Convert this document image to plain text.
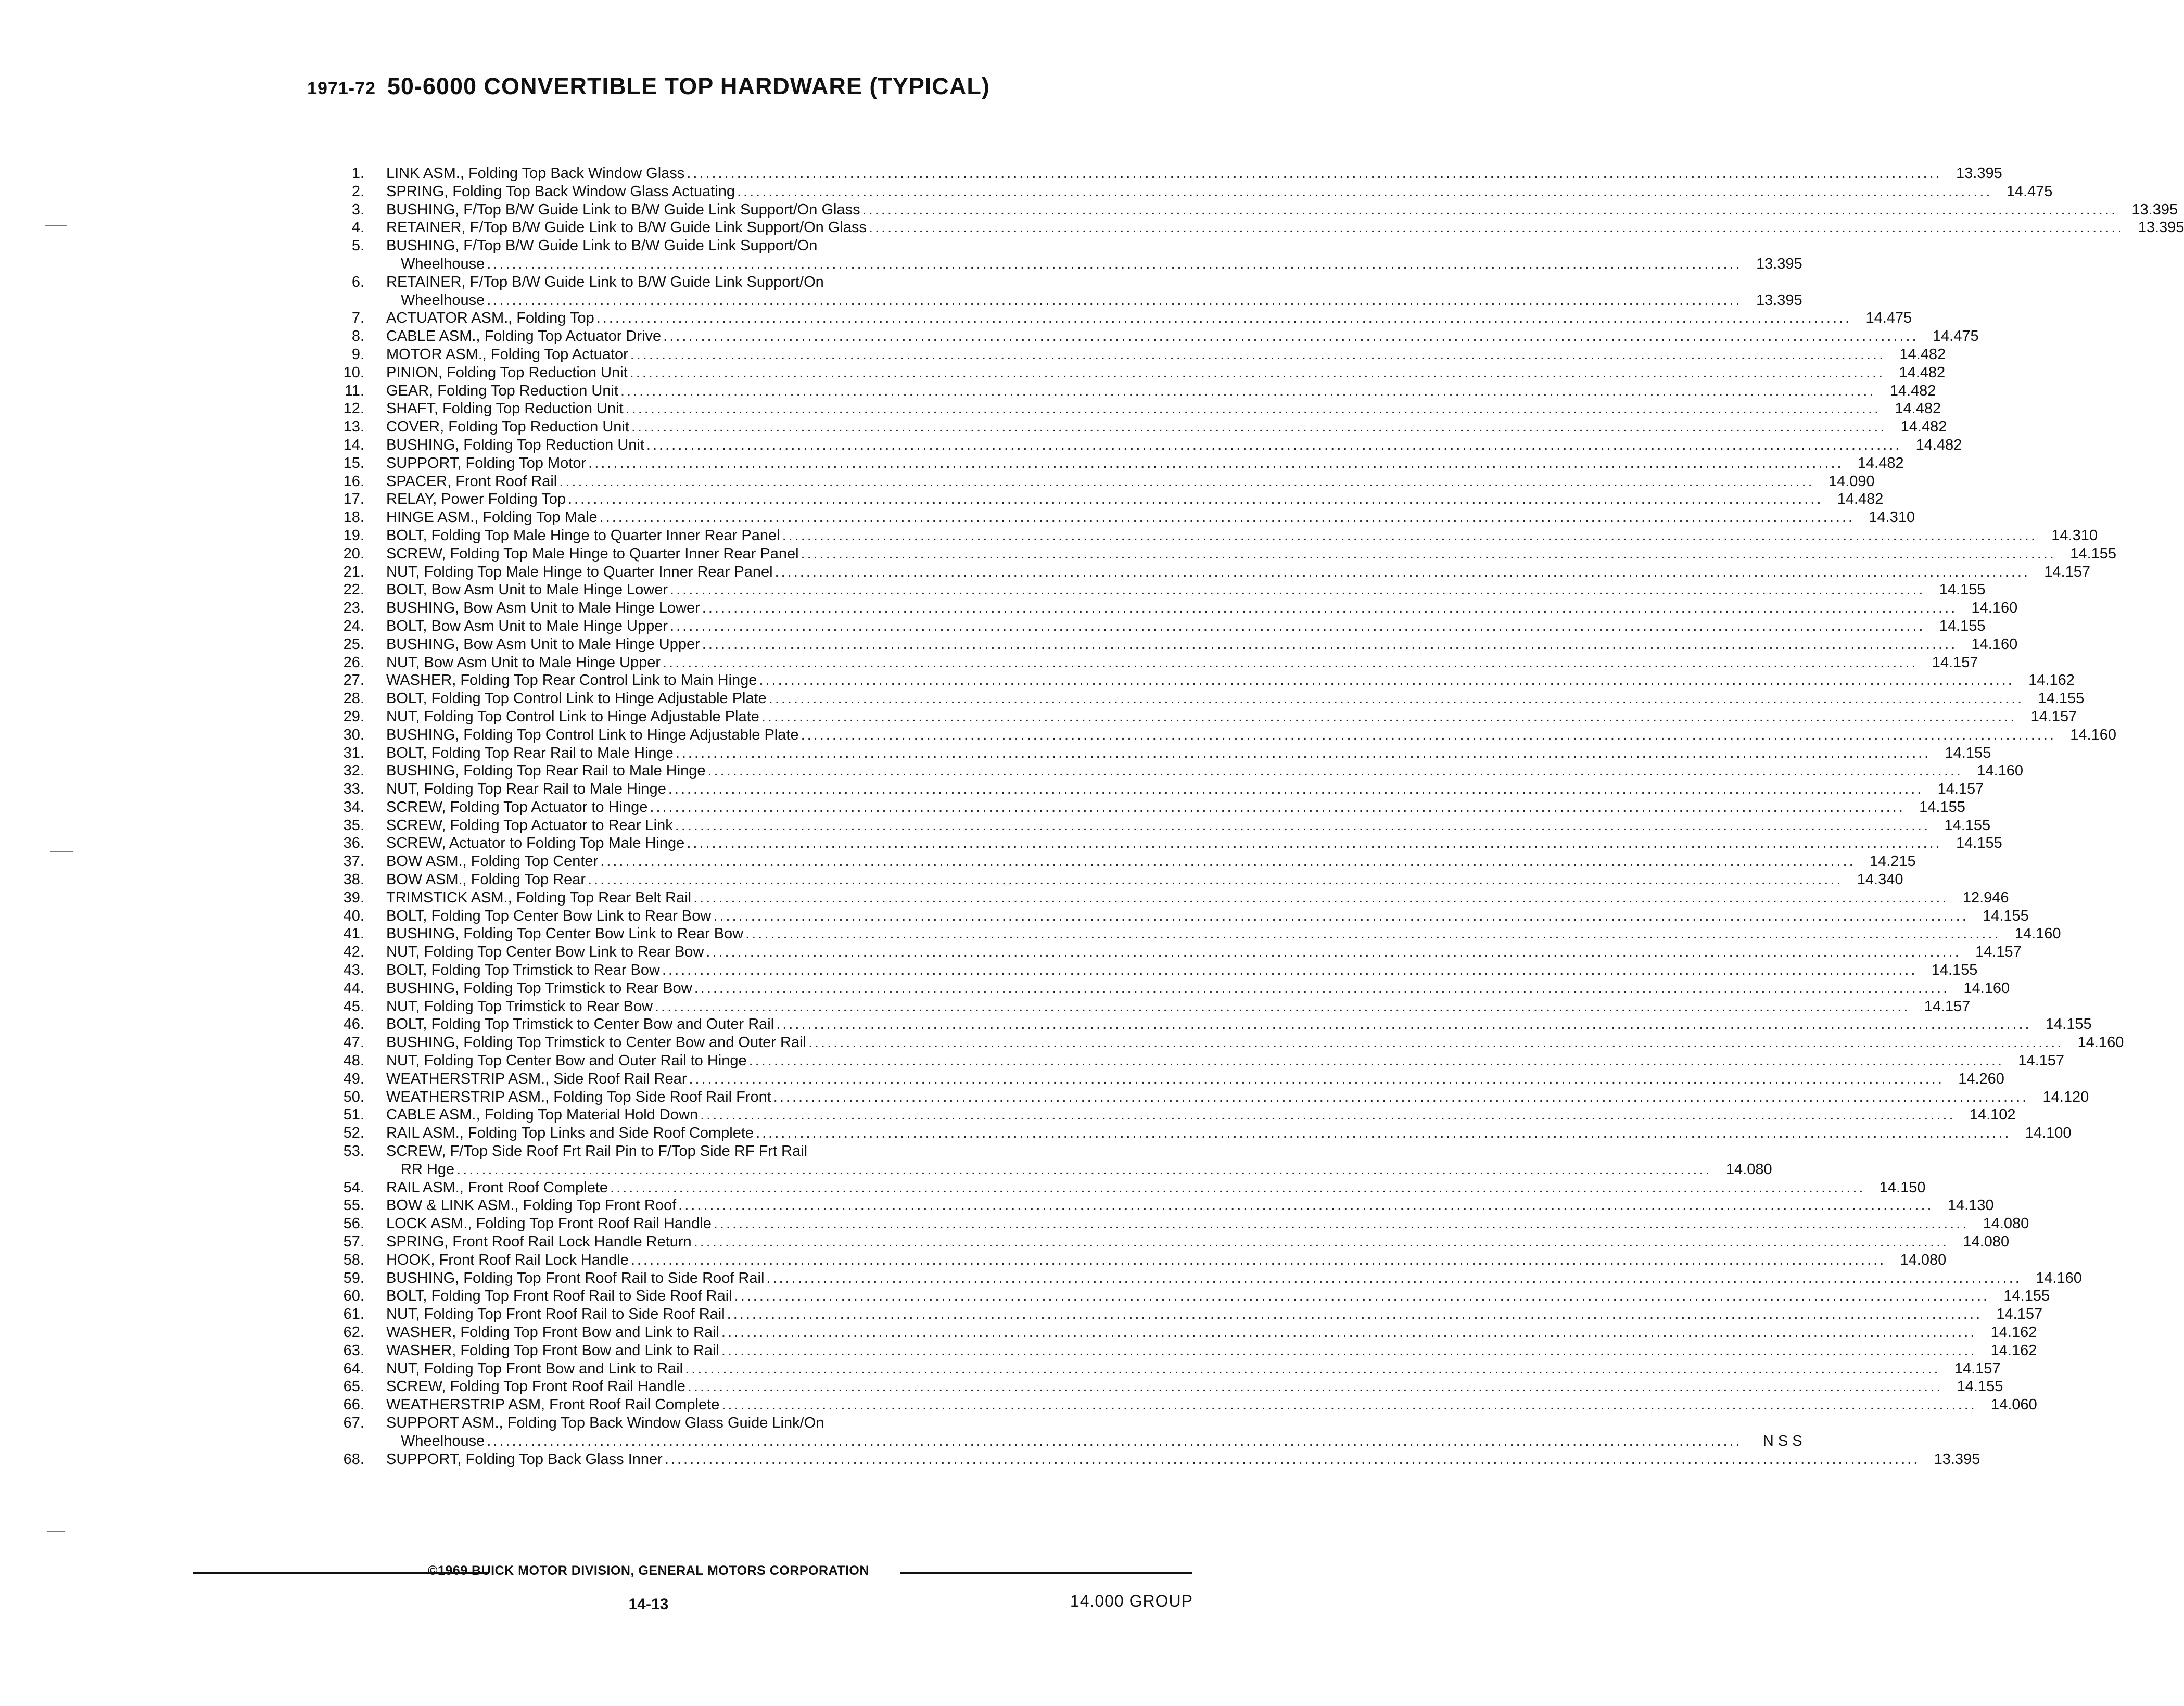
1971-72 50-6000 CONVERTIBLE TOP HARDWARE (TYPICAL)
1. LINK ASM., Folding Top Back Window Glass ........................................................................................................................................................................................................ 13.395
2. SPRING, Folding Top Back Window Glass Actuating ........................................................................................................................................................................................................ 14.475
3. BUSHING, F/Top B/W Guide Link to B/W Guide Link Support/On Glass ........................................................................................................................................................................................................ 13.395
4. RETAINER, F/Top B/W Guide Link to B/W Guide Link Support/On Glass ........................................................................................................................................................................................................ 13.395
5. BUSHING, F/Top B/W Guide Link to B/W Guide Link Support/On
Wheelhouse ........................................................................................................................................................................................................ 13.395
6. RETAINER, F/Top B/W Guide Link to B/W Guide Link Support/On
Wheelhouse ........................................................................................................................................................................................................ 13.395
7. ACTUATOR ASM., Folding Top ........................................................................................................................................................................................................ 14.475
8. CABLE ASM., Folding Top Actuator Drive ........................................................................................................................................................................................................ 14.475
9. MOTOR ASM., Folding Top Actuator ........................................................................................................................................................................................................ 14.482
10. PINION, Folding Top Reduction Unit ........................................................................................................................................................................................................ 14.482
11. GEAR, Folding Top Reduction Unit ........................................................................................................................................................................................................ 14.482
12. SHAFT, Folding Top Reduction Unit ........................................................................................................................................................................................................ 14.482
13. COVER, Folding Top Reduction Unit ........................................................................................................................................................................................................ 14.482
14. BUSHING, Folding Top Reduction Unit ........................................................................................................................................................................................................ 14.482
15. SUPPORT, Folding Top Motor ........................................................................................................................................................................................................ 14.482
16. SPACER, Front Roof Rail ........................................................................................................................................................................................................ 14.090
17. RELAY, Power Folding Top ........................................................................................................................................................................................................ 14.482
18. HINGE ASM., Folding Top Male ........................................................................................................................................................................................................ 14.310
19. BOLT, Folding Top Male Hinge to Quarter Inner Rear Panel ........................................................................................................................................................................................................ 14.310
20. SCREW, Folding Top Male Hinge to Quarter Inner Rear Panel ........................................................................................................................................................................................................ 14.155
21. NUT, Folding Top Male Hinge to Quarter Inner Rear Panel ........................................................................................................................................................................................................ 14.157
22. BOLT, Bow Asm Unit to Male Hinge Lower ........................................................................................................................................................................................................ 14.155
23. BUSHING, Bow Asm Unit to Male Hinge Lower ........................................................................................................................................................................................................ 14.160
24. BOLT, Bow Asm Unit to Male Hinge Upper ........................................................................................................................................................................................................ 14.155
25. BUSHING, Bow Asm Unit to Male Hinge Upper ........................................................................................................................................................................................................ 14.160
26. NUT, Bow Asm Unit to Male Hinge Upper ........................................................................................................................................................................................................ 14.157
27. WASHER, Folding Top Rear Control Link to Main Hinge ........................................................................................................................................................................................................ 14.162
28. BOLT, Folding Top Control Link to Hinge Adjustable Plate ........................................................................................................................................................................................................ 14.155
29. NUT, Folding Top Control Link to Hinge Adjustable Plate ........................................................................................................................................................................................................ 14.157
30. BUSHING, Folding Top Control Link to Hinge Adjustable Plate ........................................................................................................................................................................................................ 14.160
31. BOLT, Folding Top Rear Rail to Male Hinge ........................................................................................................................................................................................................ 14.155
32. BUSHING, Folding Top Rear Rail to Male Hinge ........................................................................................................................................................................................................ 14.160
33. NUT, Folding Top Rear Rail to Male Hinge ........................................................................................................................................................................................................ 14.157
34. SCREW, Folding Top Actuator to Hinge ........................................................................................................................................................................................................ 14.155
35. SCREW, Folding Top Actuator to Rear Link ........................................................................................................................................................................................................ 14.155
36. SCREW, Actuator to Folding Top Male Hinge ........................................................................................................................................................................................................ 14.155
37. BOW ASM., Folding Top Center ........................................................................................................................................................................................................ 14.215
38. BOW ASM., Folding Top Rear ........................................................................................................................................................................................................ 14.340
39. TRIMSTICK ASM., Folding Top Rear Belt Rail ........................................................................................................................................................................................................ 12.946
40. BOLT, Folding Top Center Bow Link to Rear Bow ........................................................................................................................................................................................................ 14.155
41. BUSHING, Folding Top Center Bow Link to Rear Bow ........................................................................................................................................................................................................ 14.160
42. NUT, Folding Top Center Bow Link to Rear Bow ........................................................................................................................................................................................................ 14.157
43. BOLT, Folding Top Trimstick to Rear Bow ........................................................................................................................................................................................................ 14.155
44. BUSHING, Folding Top Trimstick to Rear Bow ........................................................................................................................................................................................................ 14.160
45. NUT, Folding Top Trimstick to Rear Bow ........................................................................................................................................................................................................ 14.157
46. BOLT, Folding Top Trimstick to Center Bow and Outer Rail ........................................................................................................................................................................................................ 14.155
47. BUSHING, Folding Top Trimstick to Center Bow and Outer Rail ........................................................................................................................................................................................................ 14.160
48. NUT, Folding Top Center Bow and Outer Rail to Hinge ........................................................................................................................................................................................................ 14.157
49. WEATHERSTRIP ASM., Side Roof Rail Rear ........................................................................................................................................................................................................ 14.260
50. WEATHERSTRIP ASM., Folding Top Side Roof Rail Front ........................................................................................................................................................................................................ 14.120
51. CABLE ASM., Folding Top Material Hold Down ........................................................................................................................................................................................................ 14.102
52. RAIL ASM., Folding Top Links and Side Roof Complete ........................................................................................................................................................................................................ 14.100
53. SCREW, F/Top Side Roof Frt Rail Pin to F/Top Side RF Frt Rail
RR Hge ........................................................................................................................................................................................................ 14.080
54. RAIL ASM., Front Roof Complete ........................................................................................................................................................................................................ 14.150
55. BOW & LINK ASM., Folding Top Front Roof ........................................................................................................................................................................................................ 14.130
56. LOCK ASM., Folding Top Front Roof Rail Handle ........................................................................................................................................................................................................ 14.080
57. SPRING, Front Roof Rail Lock Handle Return ........................................................................................................................................................................................................ 14.080
58. HOOK, Front Roof Rail Lock Handle ........................................................................................................................................................................................................ 14.080
59. BUSHING, Folding Top Front Roof Rail to Side Roof Rail ........................................................................................................................................................................................................ 14.160
60. BOLT, Folding Top Front Roof Rail to Side Roof Rail ........................................................................................................................................................................................................ 14.155
61. NUT, Folding Top Front Roof Rail to Side Roof Rail ........................................................................................................................................................................................................ 14.157
62. WASHER, Folding Top Front Bow and Link to Rail ........................................................................................................................................................................................................ 14.162
63. WASHER, Folding Top Front Bow and Link to Rail ........................................................................................................................................................................................................ 14.162
64. NUT, Folding Top Front Bow and Link to Rail ........................................................................................................................................................................................................ 14.157
65. SCREW, Folding Top Front Roof Rail Handle ........................................................................................................................................................................................................ 14.155
66. WEATHERSTRIP ASM, Front Roof Rail Complete ........................................................................................................................................................................................................ 14.060
67. SUPPORT ASM., Folding Top Back Window Glass Guide Link/On
Wheelhouse ........................................................................................................................................................................................................	N S S
68. SUPPORT, Folding Top Back Glass Inner ........................................................................................................................................................................................................ 13.395
©1969 BUICK MOTOR DIVISION, GENERAL MOTORS CORPORATION
14-13	14.000 GROUP
